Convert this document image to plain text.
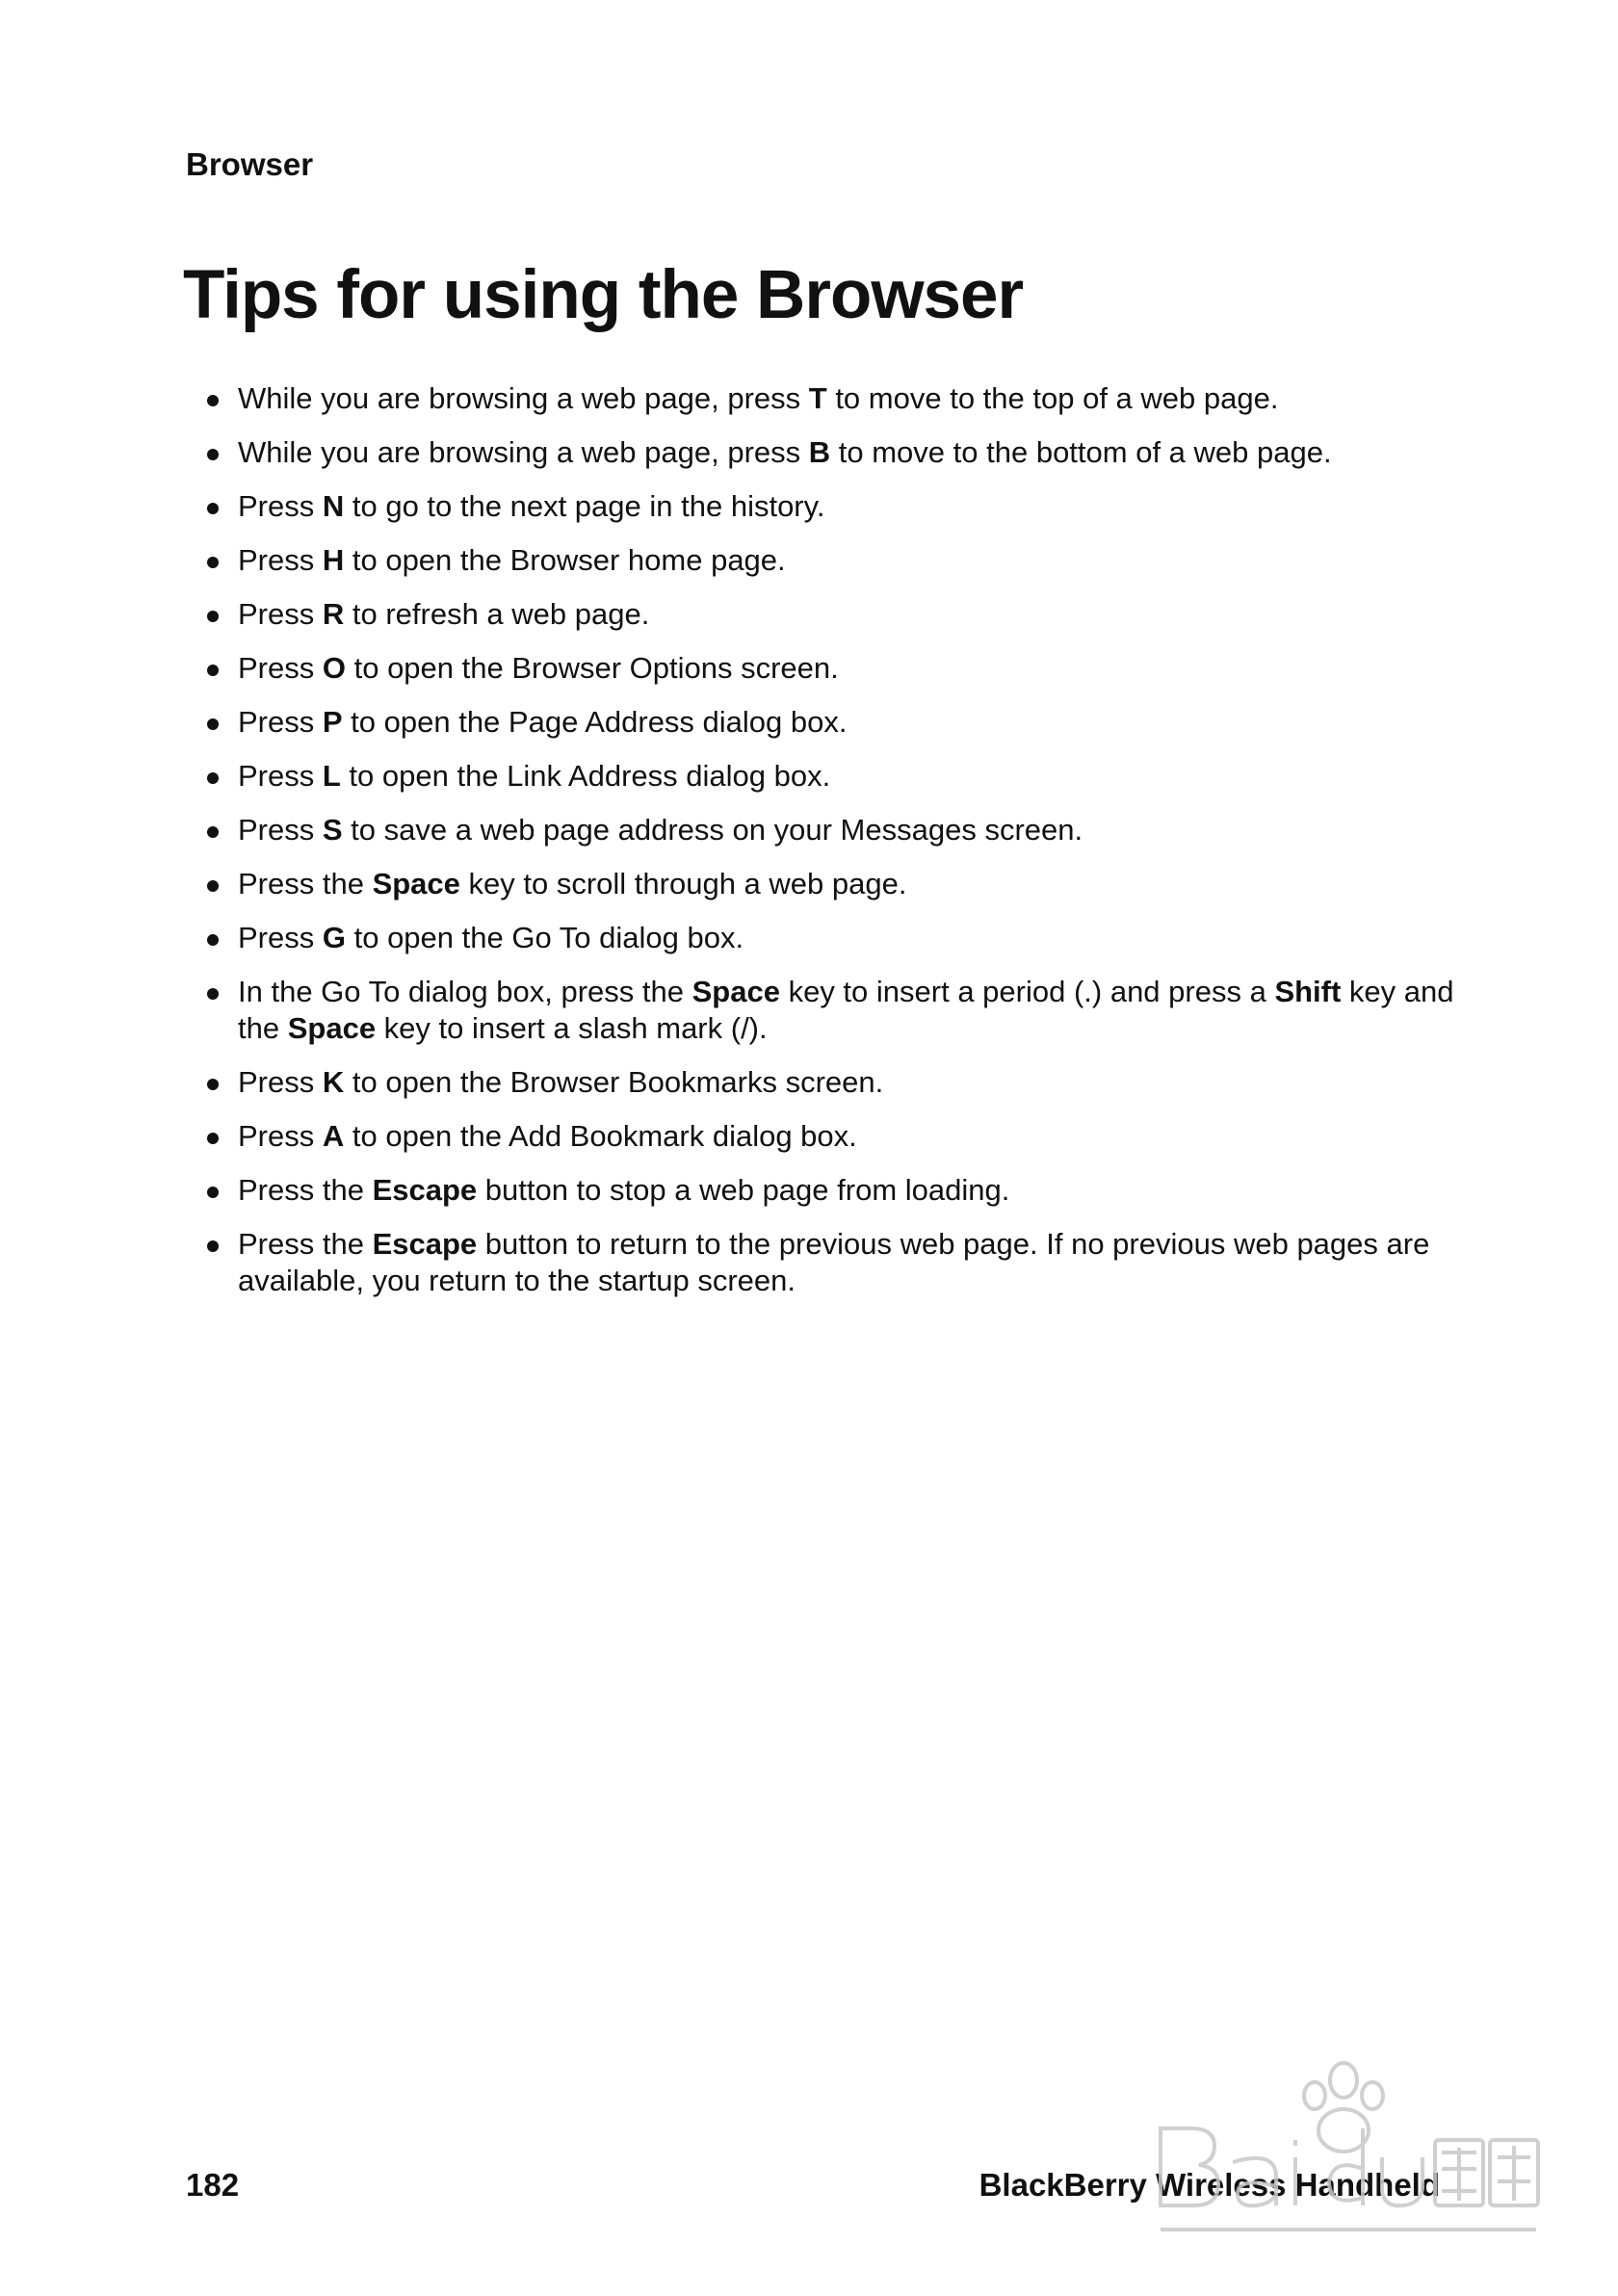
Browser
Tips for using the Browser
While you are browsing a web page, press T to move to the top of a web page.
While you are browsing a web page, press B to move to the bottom of a web page.
Press N to go to the next page in the history.
Press H to open the Browser home page.
Press R to refresh a web page.
Press O to open the Browser Options screen.
Press P to open the Page Address dialog box.
Press L to open the Link Address dialog box.
Press S to save a web page address on your Messages screen.
Press the Space key to scroll through a web page.
Press G to open the Go To dialog box.
In the Go To dialog box, press the Space key to insert a period (.) and press a Shift key and the Space key to insert a slash mark (/).
Press K to open the Browser Bookmarks screen.
Press A to open the Add Bookmark dialog box.
Press the Escape button to stop a web page from loading.
Press the Escape button to return to the previous web page. If no previous web pages are available, you return to the startup screen.
182	BlackBerry Wireless Handheld
